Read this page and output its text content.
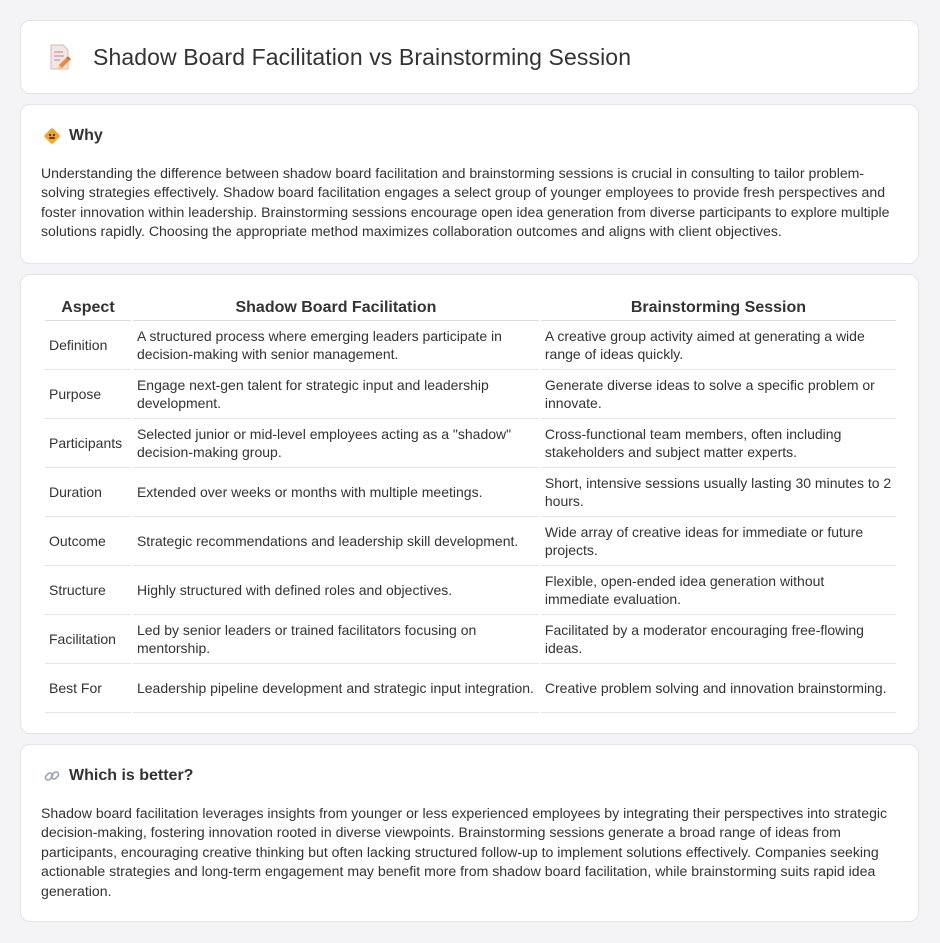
Shadow Board Facilitation vs Brainstorming Session
Why

Understanding the difference between shadow board facilitation and brainstorming sessions is crucial in consulting to tailor problem-solving strategies effectively. Shadow board facilitation engages a select group of younger employees to provide fresh perspectives and foster innovation within leadership. Brainstorming sessions encourage open idea generation from diverse participants to explore multiple solutions rapidly. Choosing the appropriate method maximizes collaboration outcomes and aligns with client objectives.

Aspect	Shadow Board Facilitation	Brainstorming Session
Definition	A structured process where emerging leaders participate in decision-making with senior management.	A creative group activity aimed at generating a wide range of ideas quickly.
Purpose	Engage next-gen talent for strategic input and leadership development.	Generate diverse ideas to solve a specific problem or innovate.
Participants	Selected junior or mid-level employees acting as a "shadow" decision-making group.	Cross-functional team members, often including stakeholders and subject matter experts.
Duration	Extended over weeks or months with multiple meetings.	Short, intensive sessions usually lasting 30 minutes to 2 hours.
Outcome	Strategic recommendations and leadership skill development.	Wide array of creative ideas for immediate or future projects.
Structure	Highly structured with defined roles and objectives.	Flexible, open-ended idea generation without immediate evaluation.
Facilitation	Led by senior leaders or trained facilitators focusing on mentorship.	Facilitated by a moderator encouraging free-flowing ideas.
Best For	Leadership pipeline development and strategic input integration.	Creative problem solving and innovation brainstorming.
Which is better?

Shadow board facilitation leverages insights from younger or less experienced employees by integrating their perspectives into strategic decision-making, fostering innovation rooted in diverse viewpoints. Brainstorming sessions generate a broad range of ideas from participants, encouraging creative thinking but often lacking structured follow-up to implement solutions effectively. Companies seeking actionable strategies and long-term engagement may benefit more from shadow board facilitation, while brainstorming suits rapid idea generation.
